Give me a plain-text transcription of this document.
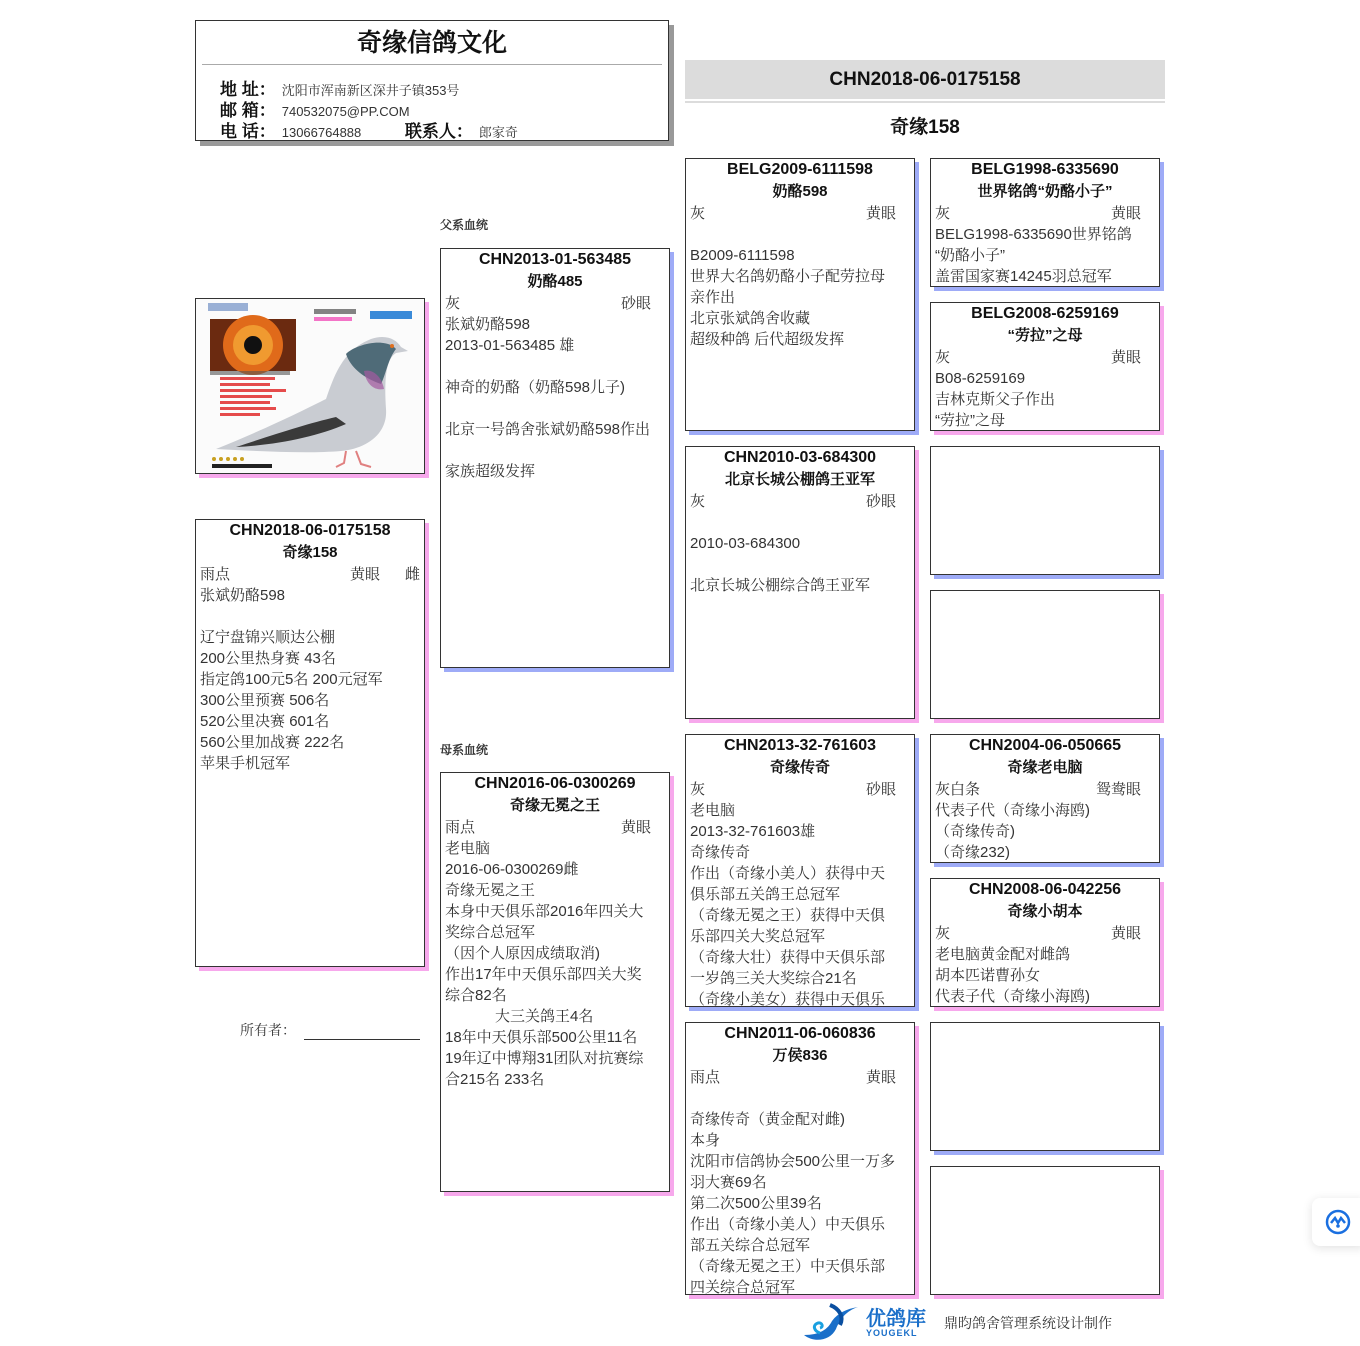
奇缘信鸽文化
地 址： 沈阳市浑南新区深井子镇353号
邮 箱： 740532075@PP.COM
电 话： 13066764888	联系人： 郎家奇
CHN2018-06-0175158
奇缘158
父系血统
母系血统
所有者：
CHN2018-06-0175158
奇缘158
雨点	黄眼	雌
张斌奶酪598
辽宁盘锦兴顺达公棚
200公里热身赛 43名
指定鸽100元5名 200元冠军
300公里预赛 506名
520公里决赛 601名
560公里加战赛 222名
苹果手机冠军
CHN2013-01-563485
奶酪485
灰	砂眼
张斌奶酪598
2013-01-563485 雄
神奇的奶酪（奶酪598儿子)
北京一号鸽舍张斌奶酪598作出
家族超级发挥
CHN2016-06-0300269
奇缘无冕之王
雨点	黄眼
老电脑
2016-06-0300269雌
奇缘无冕之王
本身中天俱乐部2016年四关大
奖综合总冠军
（因个人原因成绩取消)
作出17年中天俱乐部四关大奖
综合82名
大三关鸽王4名
18年中天俱乐部500公里11名
19年辽中博翔31团队对抗赛综
合215名 233名
BELG2009-6111598
奶酪598
灰	黄眼
B2009-6111598
世界大名鸽奶酪小子配劳拉母
亲作出
北京张斌鸽舍收藏
超级种鸽 后代超级发挥
CHN2010-03-684300
北京长城公棚鸽王亚军
灰	砂眼
2010-03-684300
北京长城公棚综合鸽王亚军
CHN2013-32-761603
奇缘传奇
灰	砂眼
老电脑
2013-32-761603雄
奇缘传奇
作出（奇缘小美人）获得中天
俱乐部五关鸽王总冠军
（奇缘无冕之王）获得中天俱
乐部四关大奖总冠军
（奇缘大壮）获得中天俱乐部
一岁鸽三关大奖综合21名
（奇缘小美女）获得中天俱乐
CHN2011-06-060836
万侯836
雨点	黄眼
奇缘传奇（黄金配对雌)
本身
沈阳市信鸽协会500公里一万多
羽大赛69名
第二次500公里39名
作出（奇缘小美人）中天俱乐
部五关综合总冠军
（奇缘无冕之王）中天俱乐部
四关综合总冠军
BELG1998-6335690
世界铭鸽“奶酪小子”
灰	黄眼
BELG1998-6335690世界铭鸽
“奶酪小子”
盖雷国家赛14245羽总冠军
BELG2008-6259169
“劳拉”之母
灰	黄眼
B08-6259169
吉林克斯父子作出
“劳拉”之母
CHN2004-06-050665
奇缘老电脑
灰白条	鸳鸯眼
代表子代（奇缘小海鸥)
（奇缘传奇)
（奇缘232)
CHN2008-06-042256
奇缘小胡本
灰	黄眼
老电脑黄金配对雌鸽
胡本匹诺曹孙女
代表子代（奇缘小海鸥)
优鸽库
YOUGEKL
鼎昀鸽舍管理系统设计制作
